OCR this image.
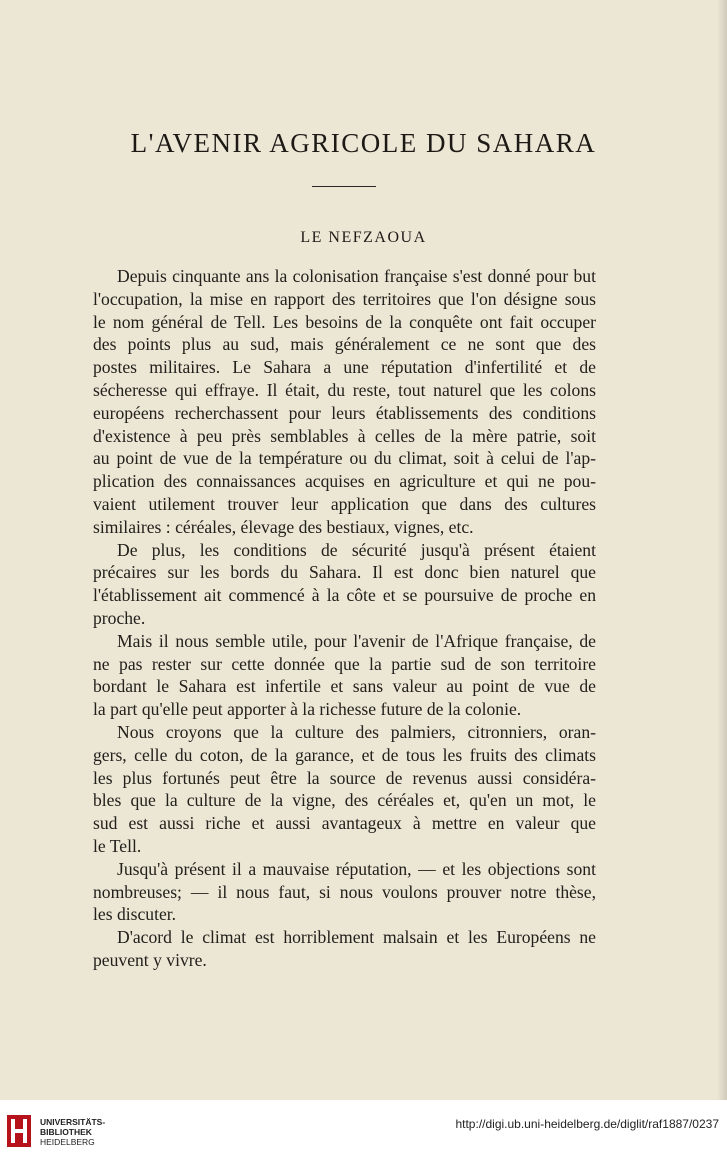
L'AVENIR AGRICOLE DU SAHARA
LE NEFZAOUA

Depuis cinquante ans la colonisation française s'est donné pour but
l'occupation, la mise en rapport des territoires que l'on désigne sous
le nom général de Tell. Les besoins de la conquête ont fait occuper
des points plus au sud, mais généralement ce ne sont que des
postes militaires. Le Sahara a une réputation d'infertilité et de
sécheresse qui effraye. Il était, du reste, tout naturel que les colons
européens recherchassent pour leurs établissements des conditions
d'existence à peu près semblables à celles de la mère patrie, soit
au point de vue de la température ou du climat, soit à celui de l'ap-
plication des connaissances acquises en agriculture et qui ne pou-
vaient utilement trouver leur application que dans des cultures
similaires : céréales, élevage des bestiaux, vignes, etc.

De plus, les conditions de sécurité jusqu'à présent étaient
précaires sur les bords du Sahara. Il est donc bien naturel que
l'établissement ait commencé à la côte et se poursuive de proche en
proche.

Mais il nous semble utile, pour l'avenir de l'Afrique française, de
ne pas rester sur cette donnée que la partie sud de son territoire
bordant le Sahara est infertile et sans valeur au point de vue de
la part qu'elle peut apporter à la richesse future de la colonie.

Nous croyons que la culture des palmiers, citronniers, oran-
gers, celle du coton, de la garance, et de tous les fruits des climats
les plus fortunés peut être la source de revenus aussi considéra-
bles que la culture de la vigne, des céréales et, qu'en un mot, le
sud est aussi riche et aussi avantageux à mettre en valeur que
le Tell.

Jusqu'à présent il a mauvaise réputation, — et les objections sont
nombreuses; — il nous faut, si nous voulons prouver notre thèse,
les discuter.

D'acord le climat est horriblement malsain et les Européens ne
peuvent y vivre.

UNIVERSITÄTS-
BIBLIOTHEK
HEIDELBERG
http://digi.ub.uni-heidelberg.de/diglit/raf1887/0237
